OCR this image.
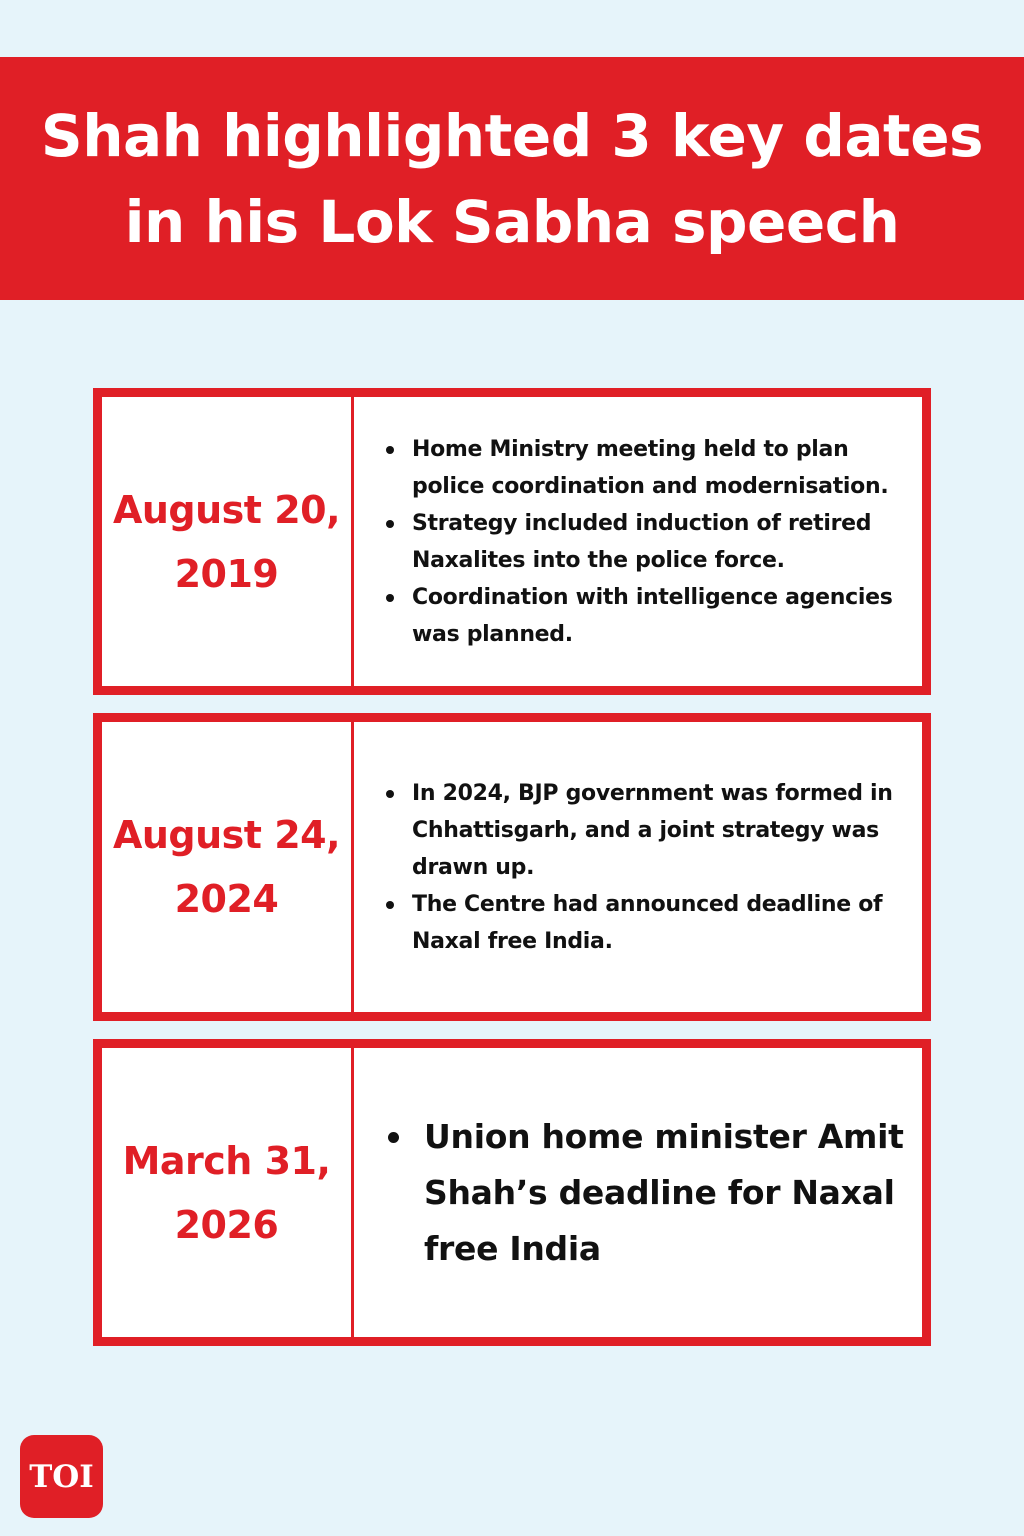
Shah highlighted 3 key dates
in his Lok Sabha speech
August 20,
2019
Home Ministry meeting held to plan police coordination and modernisation.
Strategy included induction of retired Naxalites into the police force.
Coordination with intelligence agencies was planned.
August 24,
2024
In 2024, BJP government was formed in Chhattisgarh, and a joint strategy was drawn up.
The Centre had announced deadline of Naxal free India.
March 31,
2026
Union home minister Amit Shah’s deadline for Naxal free India
TOI
